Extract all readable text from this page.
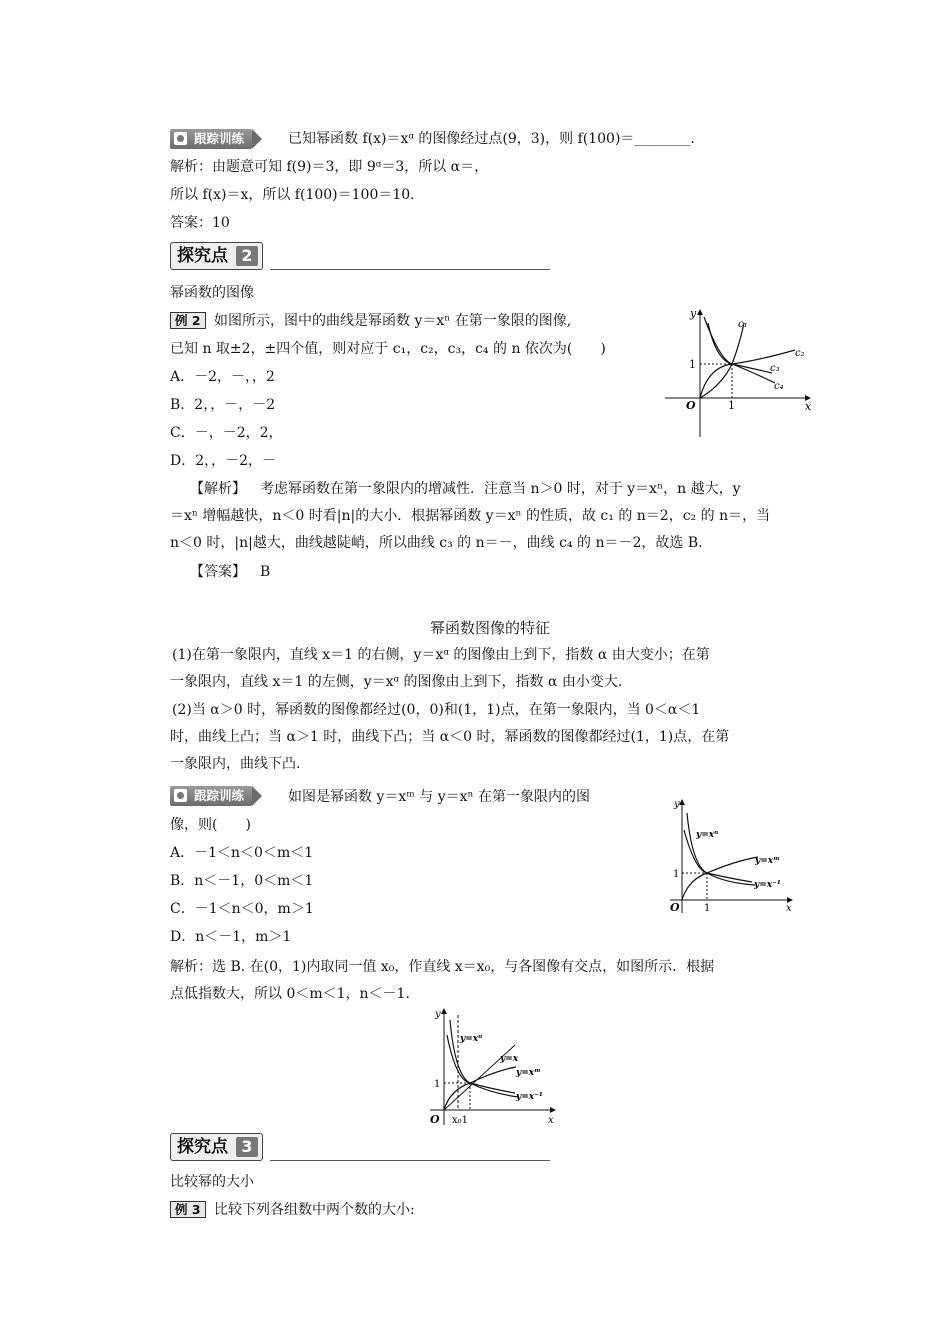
跟踪训练	已知幂函数 f(x)＝xᵅ 的图像经过点(9，3)，则 f(100)＝________.
解析：由题意可知 f(9)＝3，即 9ᵅ＝3，所以 α＝，
所以 f(x)＝x，所以 f(100)＝100＝10.
答案：10
探究点 2
幂函数的图像
例 2 如图所示，图中的曲线是幂函数 y＝xⁿ 在第一象限的图像,
已知 n 取±2，±四个值，则对应于 c₁，c₂，c₃，c₄ 的 n 依次为(　　)
A．－2，－，，2
B．2，，－，－2
C．－，－2，2，
D．2，，－2，－
y
x
O
1
1
c₁
c₂
c₃
c₄
【解析】  考虑幂函数在第一象限内的增减性．注意当 n＞0 时，对于 y＝xⁿ，n 越大，y
＝xⁿ 增幅越快，n＜0 时看|n|的大小．根据幂函数 y＝xⁿ 的性质，故 c₁ 的 n＝2，c₂ 的 n＝，当
n＜0 时，|n|越大，曲线越陡峭，所以曲线 c₃ 的 n＝－，曲线 c₄ 的 n＝－2，故选 B.
【答案】  B
幂函数图像的特征
(1)在第一象限内，直线 x＝1 的右侧，y＝xᵅ 的图像由上到下，指数 α 由大变小；在第
一象限内，直线 x＝1 的左侧，y＝xᵅ 的图像由上到下，指数 α 由小变大.
(2)当 α＞0 时，幂函数的图像都经过(0，0)和(1，1)点，在第一象限内，当 0＜α＜1
时，曲线上凸；当 α＞1 时，曲线下凸；当 α＜0 时，幂函数的图像都经过(1，1)点，在第
一象限内，曲线下凸.
跟踪训练	如图是幂函数 y＝xᵐ 与 y＝xⁿ 在第一象限内的图
像，则(　　)
A．－1＜n＜0＜m＜1
B．n＜－1，0＜m＜1
C．－1＜n＜0，m＞1
D．n＜－1，m＞1
y
x
O
1
1
y=xⁿ
y=xᵐ
y=x⁻¹
解析：选 B. 在(0，1)内取同一值 x₀，作直线 x＝x₀，与各图像有交点，如图所示．根据
点低指数大，所以 0＜m＜1，n＜－1.
y
x
O
1
x₀1
y=xⁿ
y=x
y=xᵐ
y=x⁻¹
探究点 3
比较幂的大小
例 3 比较下列各组数中两个数的大小:
